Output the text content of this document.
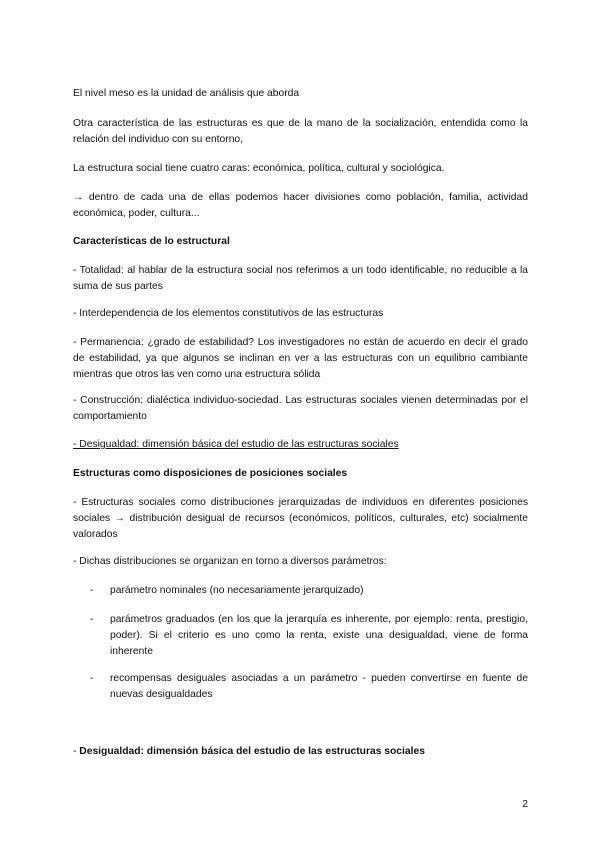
El nivel meso es la unidad de análisis que aborda

Otra característica de las estructuras es que de la mano de la socialización, entendida como la relación del individuo con su entorno,

La estructura social tiene cuatro caras: económica, política, cultural y sociológica.

→ dentro de cada una de ellas podemos hacer divisiones como población, familia, actividad económica, poder, cultura...

Características de lo estructural

- Totalidad: al hablar de la estructura social nos referimos a un todo identificable, no reducible a la suma de sus partes

- Interdependencia de los elementos constitutivos de las estructuras

- Permanencia: ¿grado de estabilidad? Los investigadores no están de acuerdo en decir el grado de estabilidad, ya que algunos se inclinan en ver a las estructuras con un equilibrio cambiante mientras que otros las ven como una estructura sólida

- Construcción: dialéctica individuo-sociedad. Las estructuras sociales vienen determinadas por el comportamiento

- Desigualdad: dimensión básica del estudio de las estructuras sociales

Estructuras como disposiciones de posiciones sociales

- Estructuras sociales como distribuciones jerarquizadas de individuos en diferentes posiciones sociales → distribución desigual de recursos (económicos, políticos, culturales, etc) socialmente valorados

- Dichas distribuciones se organizan en torno a diversos parámetros:

- parámetro nominales (no necesariamente jerarquizado)

- parámetros graduados (en los que la jerarquía es inherente, por ejemplo: renta, prestigio, poder). Si el criterio es uno como la renta, existe una desigualdad, viene de forma inherente

- recompensas desiguales asociadas a un parámetro - pueden convertirse en fuente de nuevas desigualdades

- Desigualdad: dimensión básica del estudio de las estructuras sociales

2
